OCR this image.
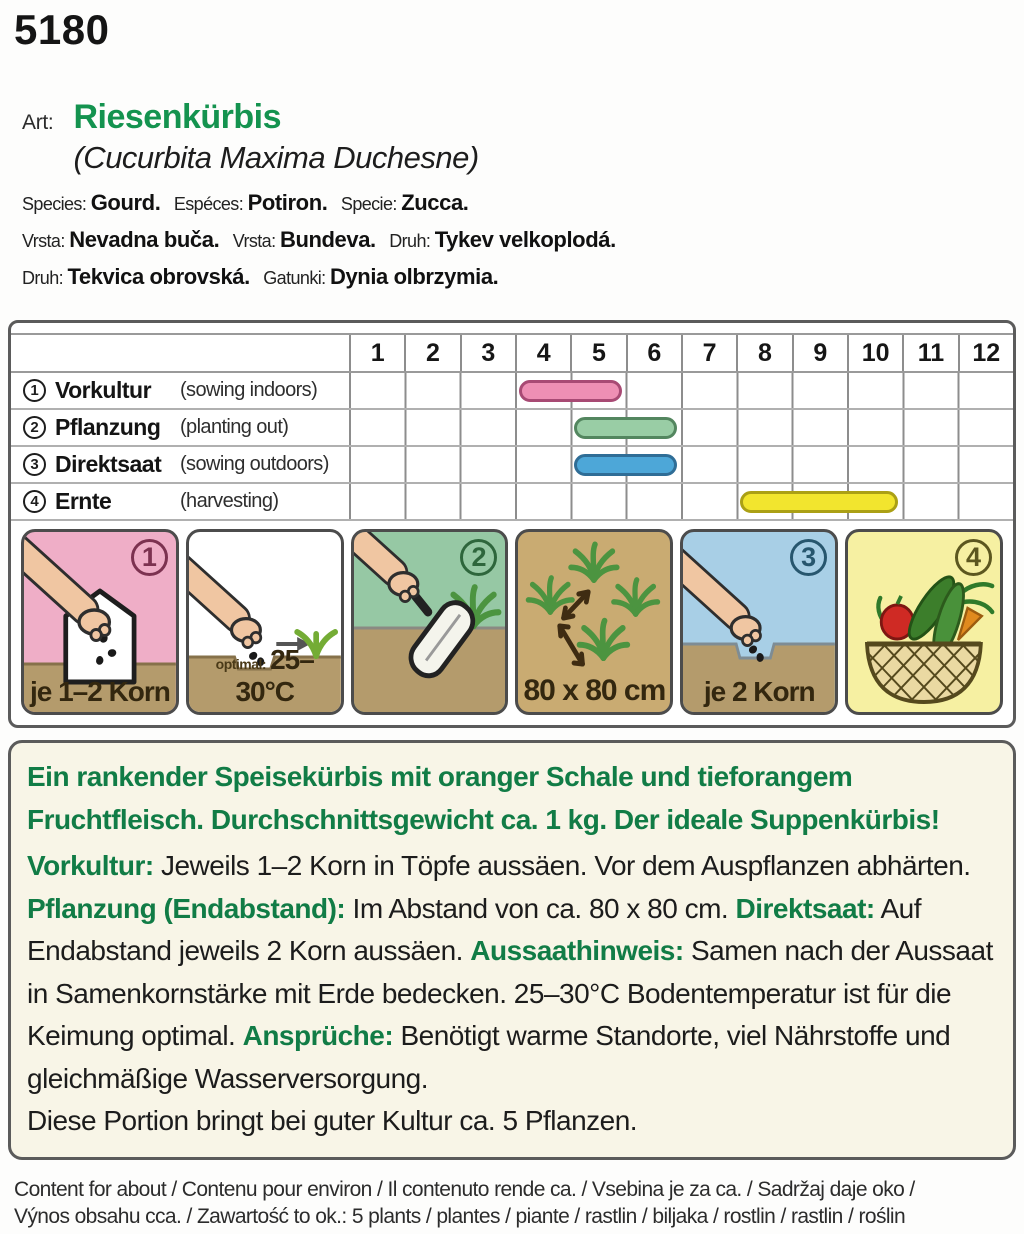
5180
Art: Riesenkürbis
(Cucurbita Maxima Duchesne)
Species: Gourd. Espéces: Potiron. Specie: Zucca.
Vrsta: Nevadna buča. Vrsta: Bundeva. Druh: Tykev velkoplodá.
Druh: Tekvica obrovská. Gatunki: Dynia olbrzymia.
1	2	3	4	5	6	7	8	9	10	11	12
1 Vorkultur	(sowing indoors)
2 Pflanzung (planting out)
3 Direktsaat (sowing outdoors)
4 Ernte	(harvesting)
1
je 1–2 Korn
optimal: 25–30°C
2
80 x 80 cm
3
je 2 Korn
4

Ein rankender Speisekürbis mit oranger Schale und tieforangem Fruchtfleisch. Durchschnittsgewicht ca. 1 kg. Der ideale Suppenkürbis!

Vorkultur: Jeweils 1–2 Korn in Töpfe aussäen. Vor dem Auspflanzen abhärten. Pflanzung (Endabstand): Im Abstand von ca. 80 x 80 cm. Direktsaat: Auf Endabstand jeweils 2 Korn aussäen. Aussaathinweis: Samen nach der Aussaat in Samenkornstärke mit Erde bedecken. 25–30°C Bodentemperatur ist für die Keimung optimal. Ansprüche: Benötigt warme Standorte, viel Nährstoffe und gleichmäßige Wasserversorgung.

Diese Portion bringt bei guter Kultur ca. 5 Pflanzen.

Content for about / Contenu pour environ / Il contenuto rende ca. / Vsebina je za ca. / Sadržaj daje oko /
Výnos obsahu cca. / Zawartość to ok.: 5 plants / plantes / piante / rastlin / biljaka / rostlin / rastlin / roślin
